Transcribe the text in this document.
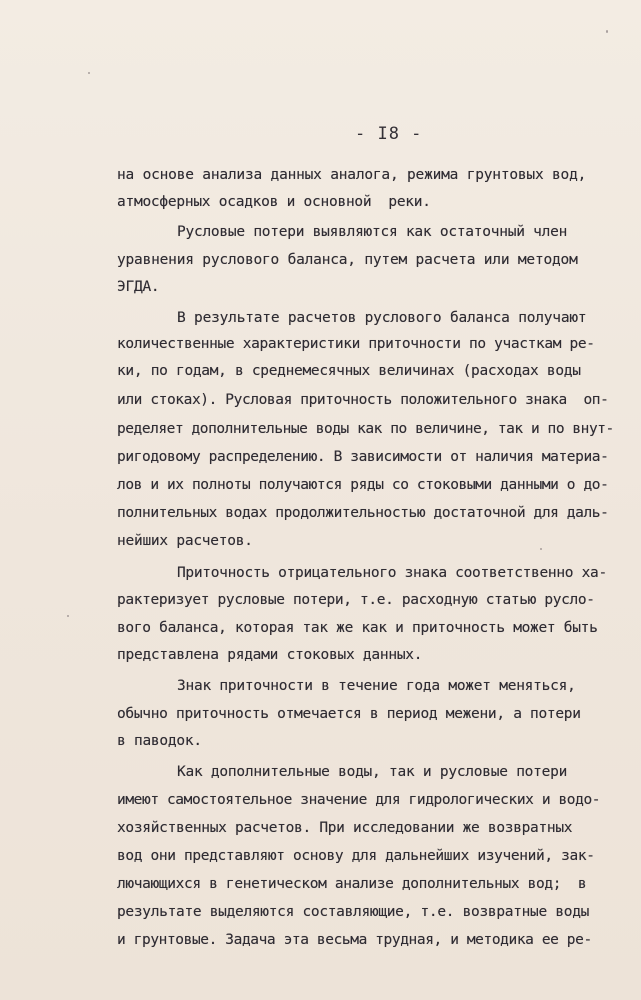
- I8 -
на основе анализа данных аналога, режима грунтовых вод,
атмосферных осадков и основной  реки.
Русловые потери выявляются как остаточный член
уравнения руслового баланса, путем расчета или методом
ЭГДА.
В результате расчетов руслового баланса получают
количественные характеристики приточности по участкам ре-
ки, по годам, в среднемесячных величинах (расходах воды
или стоках). Русловая приточность положительного знака  оп-
ределяет дополнительные воды как по величине, так и по внут-
ригодовому распределению. В зависимости от наличия материа-
лов и их полноты получаются ряды со стоковыми данными о до-
полнительных водах продолжительностью достаточной для даль-
нейших расчетов.
Приточность отрицательного знака соответственно ха-
рактеризует русловые потери, т.е. расходную статью руслo-
вого баланса, которая так же как и приточность может быть
представлена рядами стоковых данных.
Знак приточности в течение года может меняться,
обычно приточность отмечается в период межени, а потери
в паводок.
Как дополнительные воды, так и русловые потери
имеют самостоятельное значение для гидрологических и водо-
хозяйственных расчетов. При исследовании же возвратных
вод они представляют основу для дальнейших изучений, зак-
лючающихся в генетическом анализе дополнительных вод;  в
результате выделяются составляющие, т.е. возвратные воды
и грунтовые. Задача эта весьма трудная, и методика ее ре-
